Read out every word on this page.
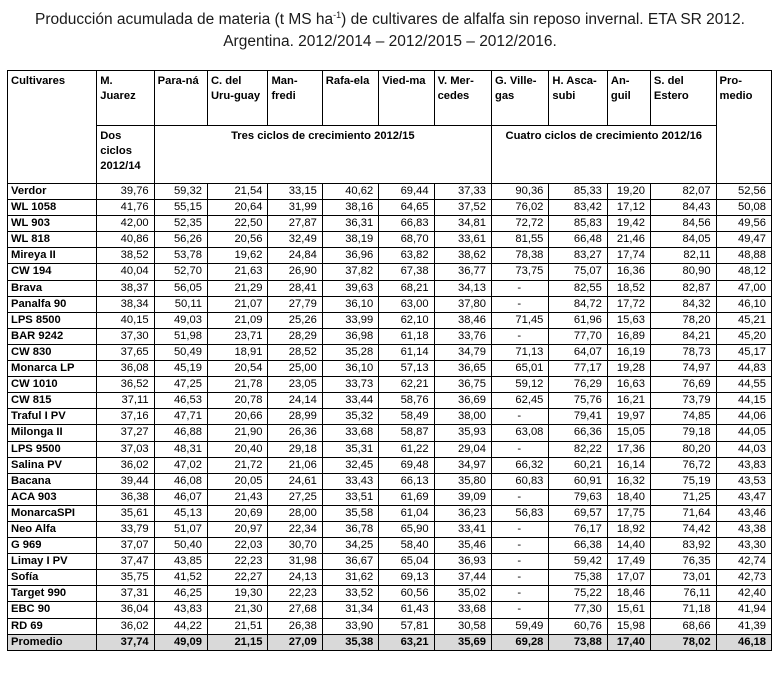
Producción acumulada de materia (t MS $ha^{-1}$) de cultivares de alfalfa sin reposo invernal. ETA SR 2012.
Argentina. 2012/2014 – 2012/2015 – 2012/2016.
Cultivares	M. Juarez	Para-ná	C. del Uru-guay	Man-fredi	Rafa-ela	Vied-ma	V. Mer-cedes	G. Ville-gas	H. Asca-subi	An-guil	S. del Estero	Pro-medio
	Dos ciclos 2012/14	Tres ciclos de crecimiento 2012/15						Cuatro ciclos de crecimiento 2012/16				
Verdor	39,76	59,32	21,54	33,15	40,62	69,44	37,33	90,36	85,33	19,20	82,07	52,56
WL 1058	41,76	55,15	20,64	31,99	38,16	64,65	37,52	76,02	83,42	17,12	84,43	50,08
WL 903	42,00	52,35	22,50	27,87	36,31	66,83	34,81	72,72	85,83	19,42	84,56	49,56
WL 818	40,86	56,26	20,56	32,49	38,19	68,70	33,61	81,55	66,48	21,46	84,05	49,47
Mireya II	38,52	53,78	19,62	24,84	36,96	63,82	38,62	78,38	83,27	17,74	82,11	48,88
CW 194	40,04	52,70	21,63	26,90	37,82	67,38	36,77	73,75	75,07	16,36	80,90	48,12
Brava	38,37	56,05	21,29	28,41	39,63	68,21	34,13	-	82,55	18,52	82,87	47,00
Panalfa 90	38,34	50,11	21,07	27,79	36,10	63,00	37,80	-	84,72	17,72	84,32	46,10
LPS 8500	40,15	49,03	21,09	25,26	33,99	62,10	38,46	71,45	61,96	15,63	78,20	45,21
BAR 9242	37,30	51,98	23,71	28,29	36,98	61,18	33,76	-	77,70	16,89	84,21	45,20
CW 830	37,65	50,49	18,91	28,52	35,28	61,14	34,79	71,13	64,07	16,19	78,73	45,17
Monarca LP	36,08	45,19	20,54	25,00	36,10	57,13	36,65	65,01	77,17	19,28	74,97	44,83
CW 1010	36,52	47,25	21,78	23,05	33,73	62,21	36,75	59,12	76,29	16,63	76,69	44,55
CW 815	37,11	46,53	20,78	24,14	33,44	58,76	36,69	62,45	75,76	16,21	73,79	44,15
Traful I PV	37,16	47,71	20,66	28,99	35,32	58,49	38,00	-	79,41	19,97	74,85	44,06
Milonga II	37,27	46,88	21,90	26,36	33,68	58,87	35,93	63,08	66,36	15,05	79,18	44,05
LPS 9500	37,03	48,31	20,40	29,18	35,31	61,22	29,04	-	82,22	17,36	80,20	44,03
Salina PV	36,02	47,02	21,72	21,06	32,45	69,48	34,97	66,32	60,21	16,14	76,72	43,83
Bacana	39,44	46,08	20,05	24,61	33,43	66,13	35,80	60,83	60,91	16,32	75,19	43,53
ACA 903	36,38	46,07	21,43	27,25	33,51	61,69	39,09	-	79,63	18,40	71,25	43,47
MonarcaSPI	35,61	45,13	20,69	28,00	35,58	61,04	36,23	56,83	69,57	17,75	71,64	43,46
Neo Alfa	33,79	51,07	20,97	22,34	36,78	65,90	33,41	-	76,17	18,92	74,42	43,38
G 969	37,07	50,40	22,03	30,70	34,25	58,40	35,46	-	66,38	14,40	83,92	43,30
Limay I PV	37,47	43,85	22,23	31,98	36,67	65,04	36,93	-	59,42	17,49	76,35	42,74
Sofía	35,75	41,52	22,27	24,13	31,62	69,13	37,44	-	75,38	17,07	73,01	42,73
Target 990	37,31	46,25	19,30	22,23	33,52	60,56	35,02	-	75,22	18,46	76,11	42,40
EBC 90	36,04	43,83	21,30	27,68	31,34	61,43	33,68	-	77,30	15,61	71,18	41,94
RD 69	36,02	44,22	21,51	26,38	33,90	57,81	30,58	59,49	60,76	15,98	68,66	41,39
Promedio	37,74	49,09	21,15	27,09	35,38	63,21	35,69	69,28	73,88	17,40	78,02	46,18
